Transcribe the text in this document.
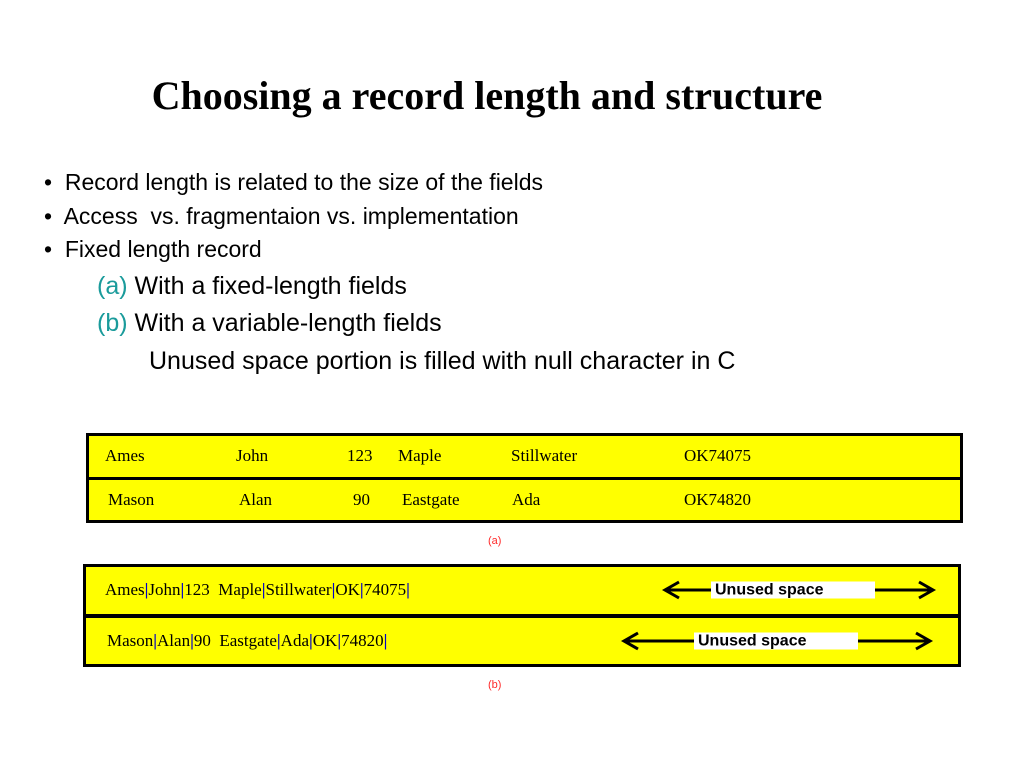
Choosing a record length and structure
• Record length is related to the size of the fields
• Access  vs. fragmentaion vs. implementation
• Fixed length record
(a) With a fixed-length fields
(b) With a variable-length fields
Unused space portion is filled with null character in C
Ames	John	123 Maple	Stillwater	OK74075
Mason	Alan	90 Eastgate	Ada	OK74820
(a)
Ames|John|123  Maple|Stillwater|OK|74075|	Unused space
Mason|Alan|90  Eastgate|Ada|OK|74820|	Unused space
(b)
